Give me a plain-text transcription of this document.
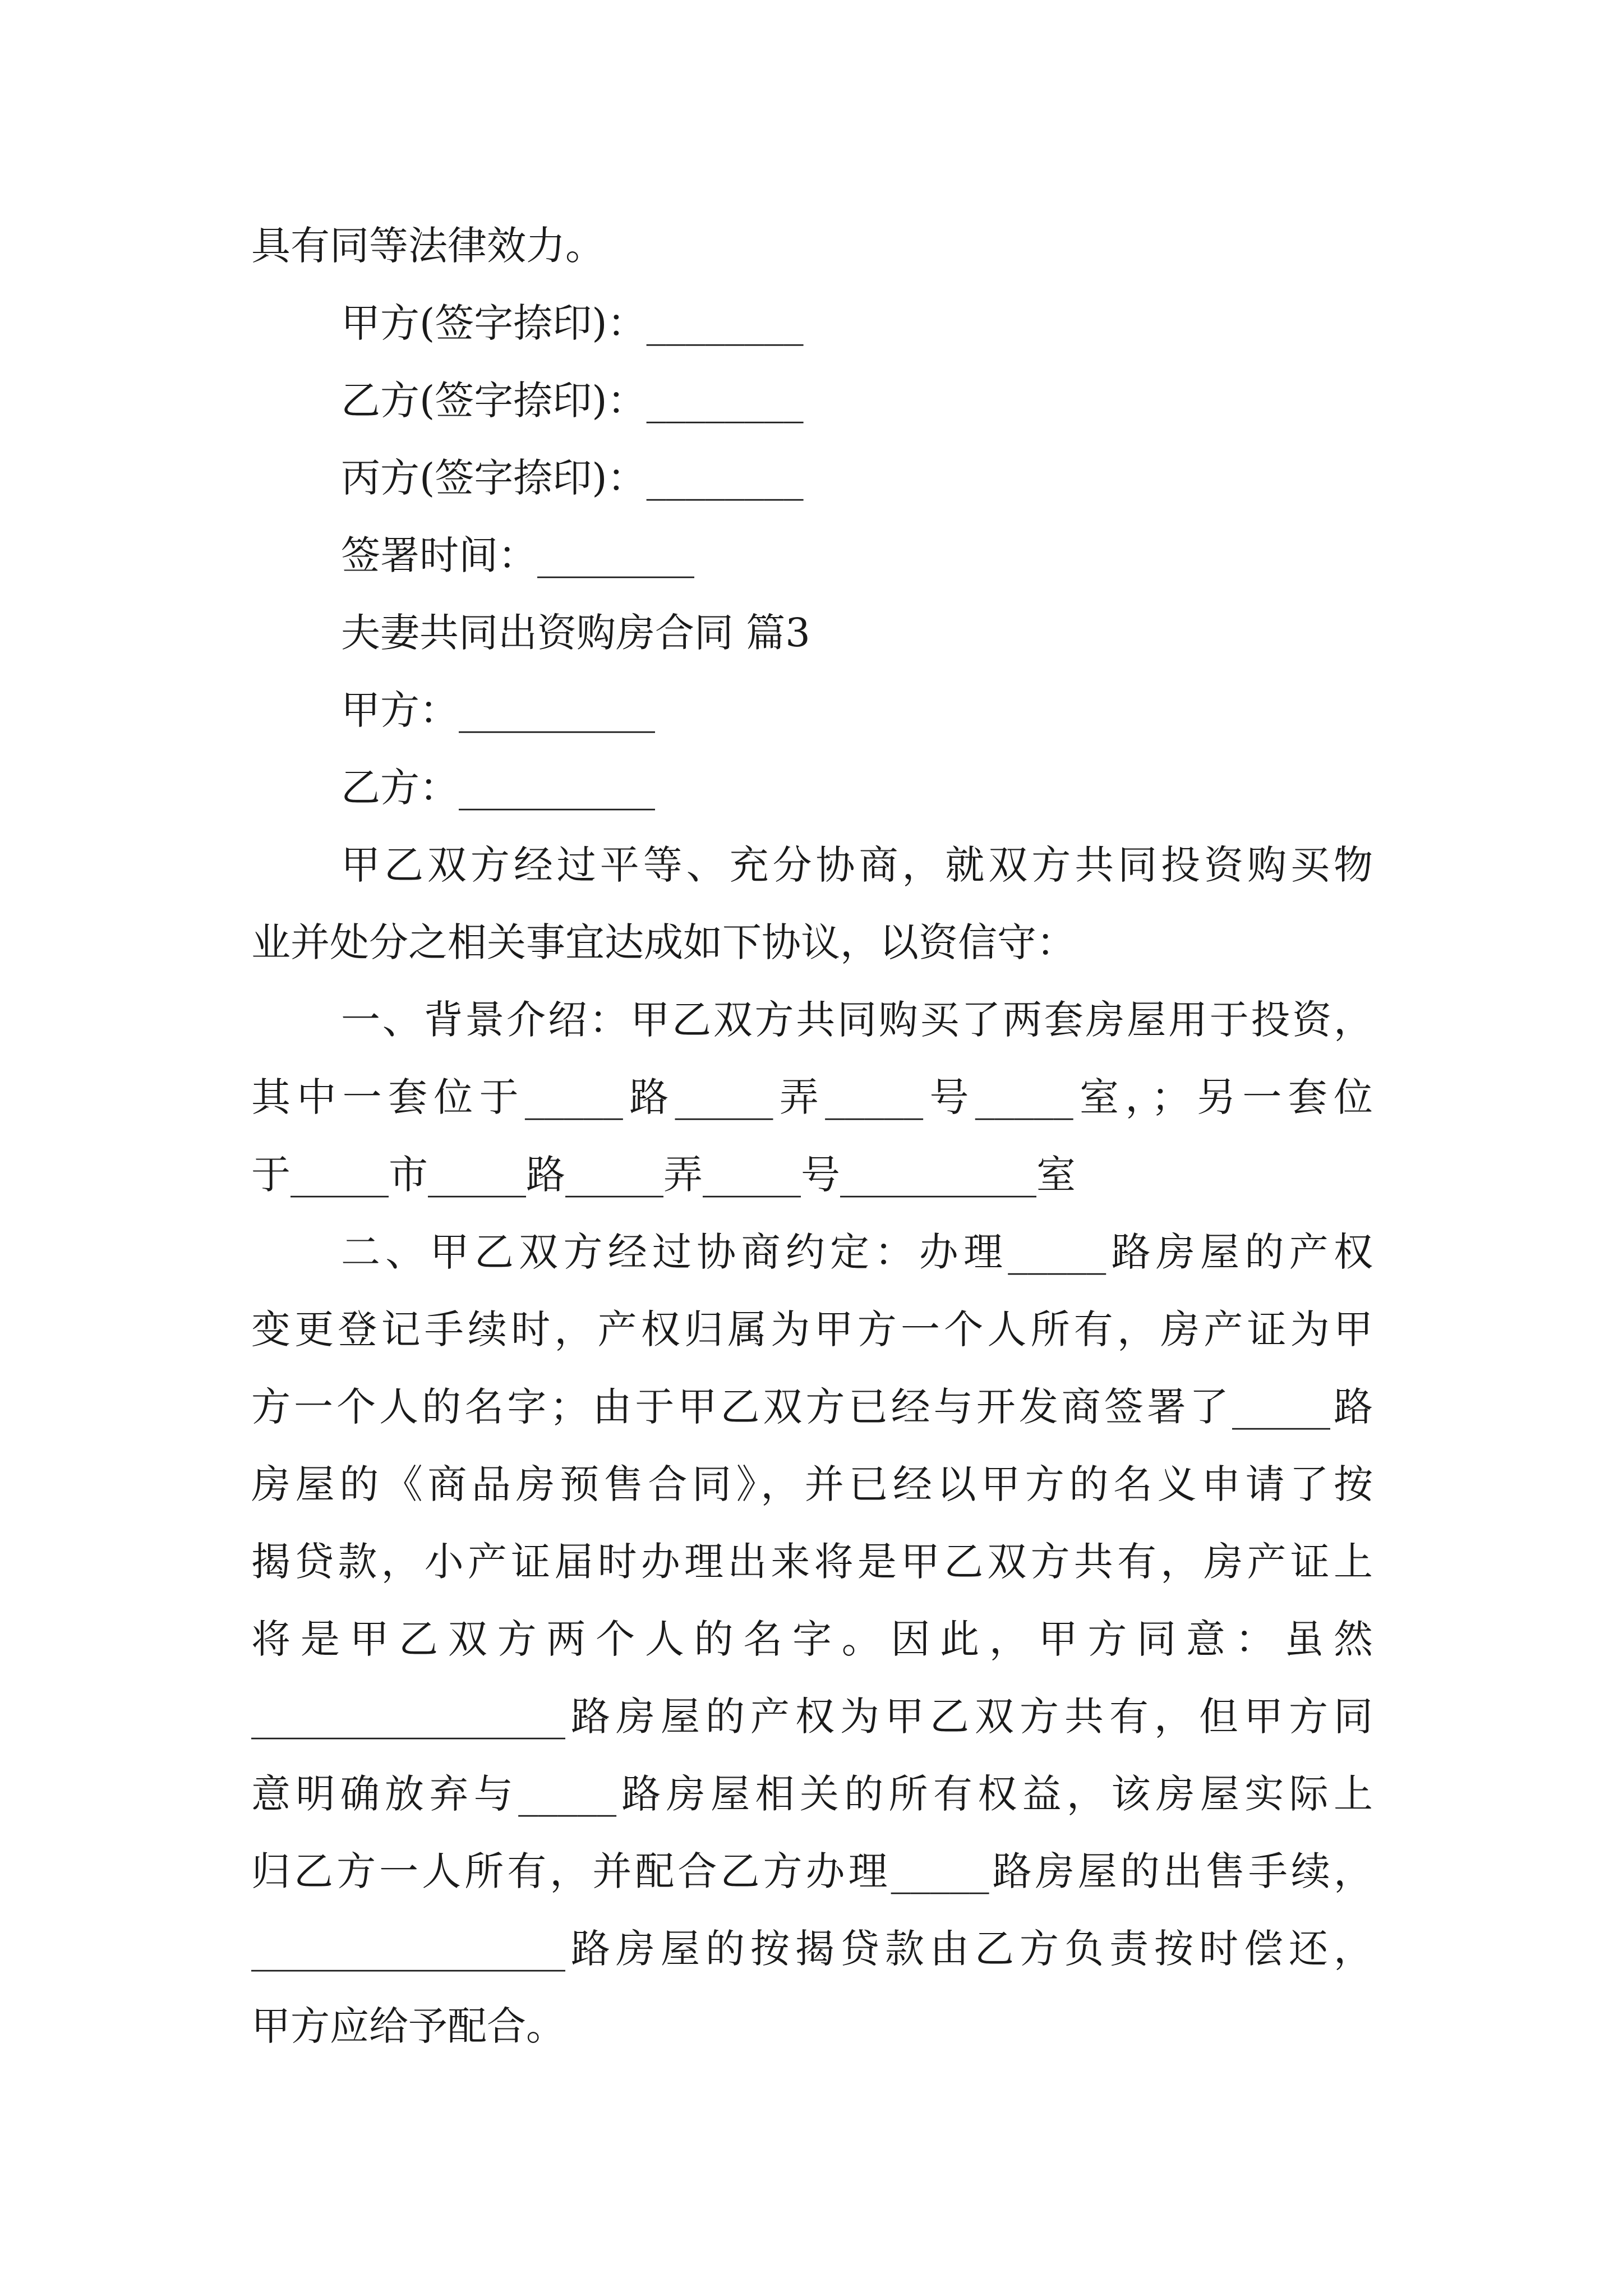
具有同等法律效力。
甲方(签字捺印)：________
乙方(签字捺印)：________
丙方(签字捺印)：________
签署时间：________
夫妻共同出资购房合同 篇3
甲方：__________
乙方：__________
甲乙双方经过平等、充分协商，就双方共同投资购买物
业并处分之相关事宜达成如下协议，以资信守：
一、背景介绍：甲乙双方共同购买了两套房屋用于投资，
其中一套位于_____路_____弄_____号_____室，；另一套位
于_____市_____路_____弄_____号__________室
二、甲乙双方经过协商约定：办理_____路房屋的产权
变更登记手续时，产权归属为甲方一个人所有，房产证为甲
方一个人的名字；由于甲乙双方已经与开发商签署了_____路
房屋的《商品房预售合同》，并已经以甲方的名义申请了按
揭贷款，小产证届时办理出来将是甲乙双方共有，房产证上
将是甲乙双方两个人的名字。因此，甲方同意：虽然
________________路房屋的产权为甲乙双方共有，但甲方同
意明确放弃与_____路房屋相关的所有权益，该房屋实际上
归乙方一人所有，并配合乙方办理_____路房屋的出售手续，
________________路房屋的按揭贷款由乙方负责按时偿还，
甲方应给予配合。
